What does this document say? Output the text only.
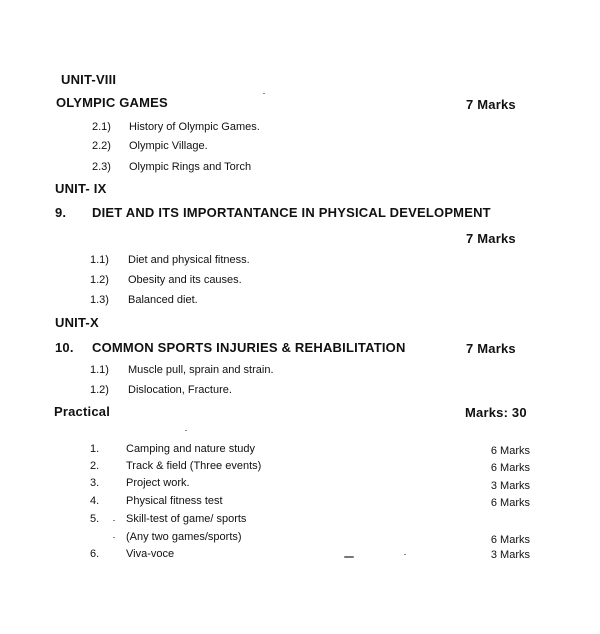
UNIT-VIII
OLYMPIC GAMES	7 Marks
2.1) History of Olympic Games.
2.2) Olympic Village.
2.3) Olympic Rings and Torch
UNIT- IX
9. DIET AND ITS IMPORTANTANCE IN PHYSICAL DEVELOPMENT
7 Marks
1.1) Diet and physical fitness.
1.2) Obesity and its causes.
1.3) Balanced diet.
UNIT-X
10. COMMON SPORTS INJURIES & REHABILITATION	7 Marks
1.1) Muscle pull, sprain and strain.
1.2) Dislocation, Fracture.
Practical	Marks: 30
1. Camping and nature study	6 Marks
2. Track & field (Three events)	6 Marks
3. Project work.	3 Marks
4. Physical fitness test	6 Marks
5. Skill-test of game/ sports
(Any two games/sports)	6 Marks
6. Viva-voce	3 Marks
